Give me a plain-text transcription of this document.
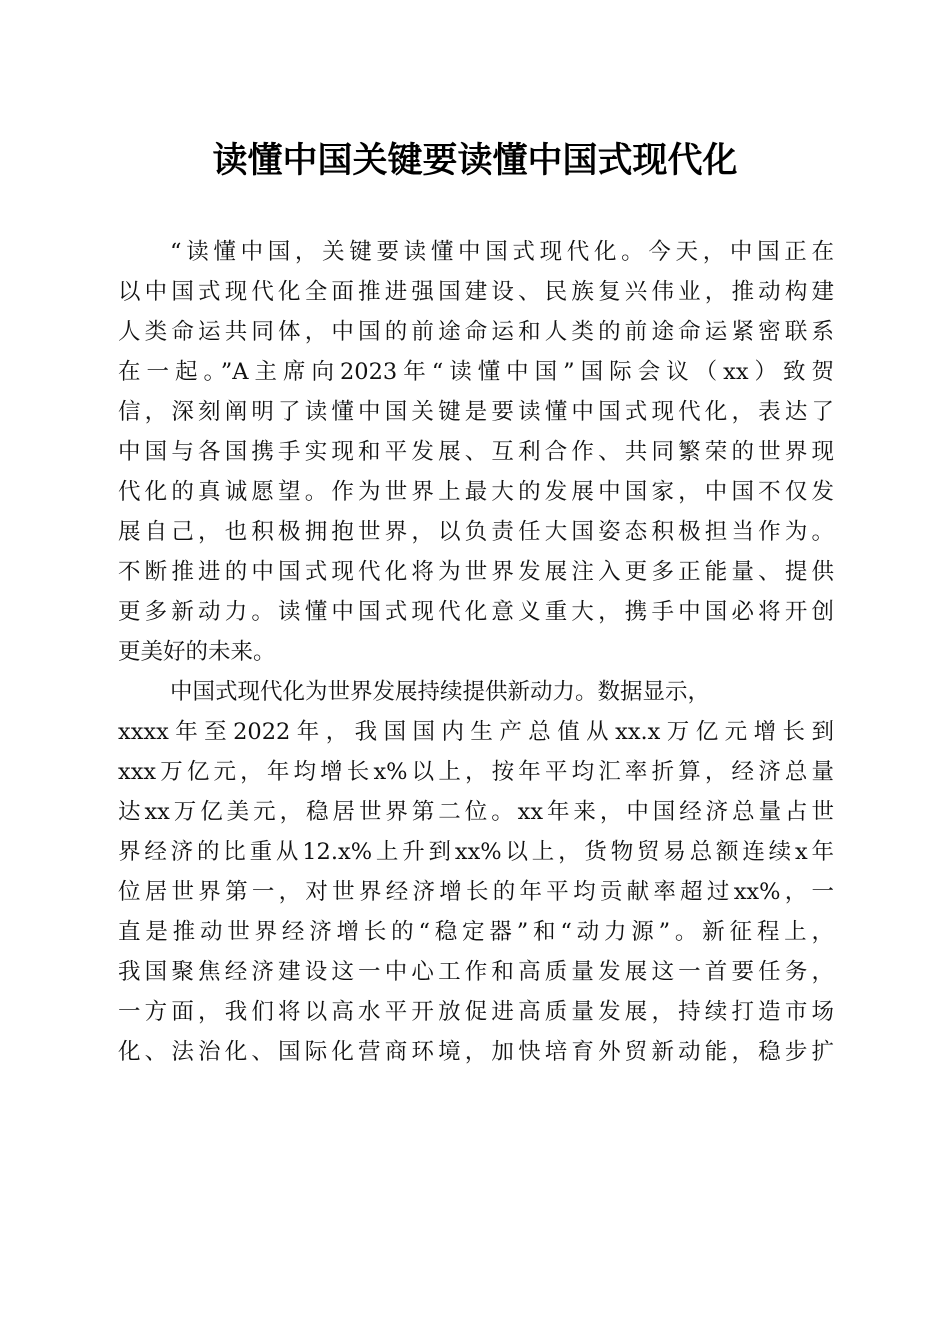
读懂中国关键要读懂中国式现代化
“读懂中国，关键要读懂中国式现代化。今天，中国正在
以中国式现代化全面推进强国建设、民族复兴伟业，推动构建
人类命运共同体，中国的前途命运和人类的前途命运紧密联系
在一起。”A主席向2023年“读懂中国”国际会议（xx）致贺
信，深刻阐明了读懂中国关键是要读懂中国式现代化，表达了
中国与各国携手实现和平发展、互利合作、共同繁荣的世界现
代化的真诚愿望。作为世界上最大的发展中国家，中国不仅发
展自己，也积极拥抱世界，以负责任大国姿态积极担当作为。
不断推进的中国式现代化将为世界发展注入更多正能量、提供
更多新动力。读懂中国式现代化意义重大，携手中国必将开创
更美好的未来。
中国式现代化为世界发展持续提供新动力。数据显示，
xxxx年至2022年，我国国内生产总值从xx.x万亿元增长到
xxx万亿元，年均增长x%以上，按年平均汇率折算，经济总量
达xx万亿美元，稳居世界第二位。xx年来，中国经济总量占世
界经济的比重从12.x%上升到xx%以上，货物贸易总额连续x年
位居世界第一，对世界经济增长的年平均贡献率超过xx%，一
直是推动世界经济增长的“稳定器”和“动力源”。新征程上，
我国聚焦经济建设这一中心工作和高质量发展这一首要任务，
一方面，我们将以高水平开放促进高质量发展，持续打造市场
化、法治化、国际化营商环境，加快培育外贸新动能，稳步扩
